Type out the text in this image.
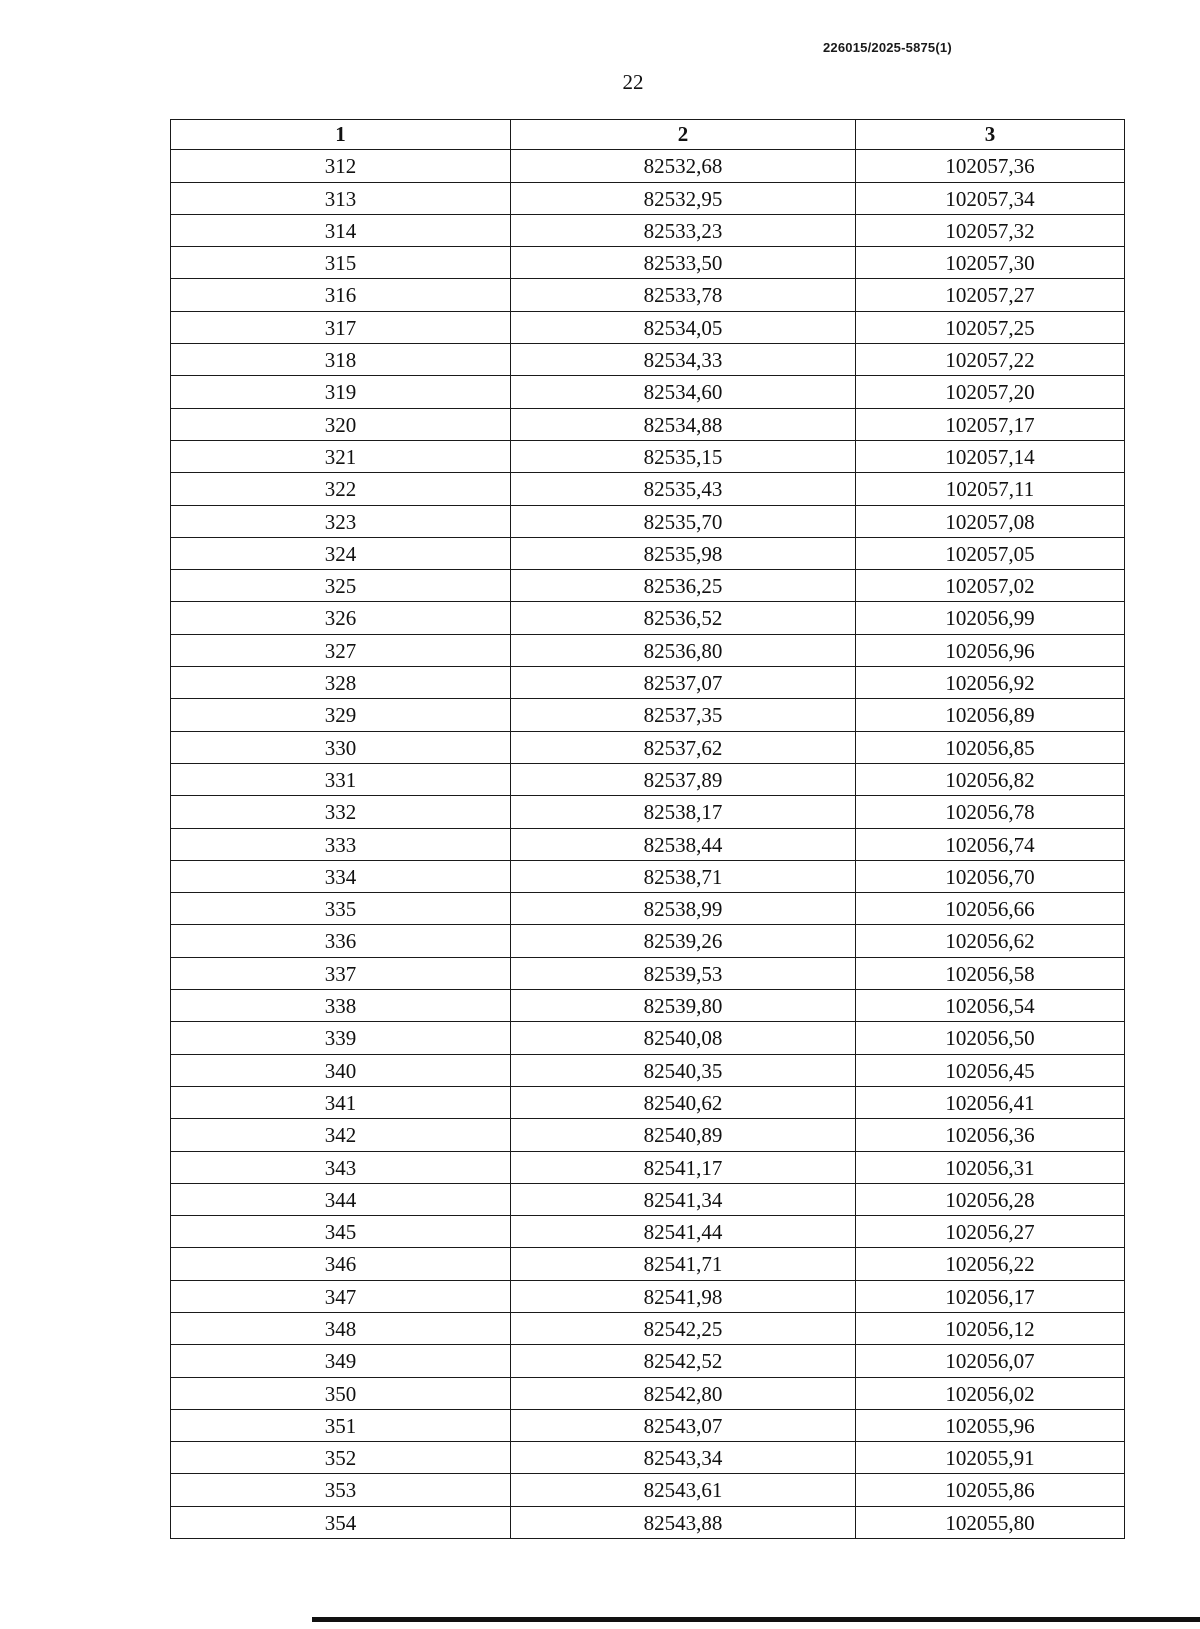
226015/2025-5875(1)
22
1	2	3
312	82532,68	102057,36
313	82532,95	102057,34
314	82533,23	102057,32
315	82533,50	102057,30
316	82533,78	102057,27
317	82534,05	102057,25
318	82534,33	102057,22
319	82534,60	102057,20
320	82534,88	102057,17
321	82535,15	102057,14
322	82535,43	102057,11
323	82535,70	102057,08
324	82535,98	102057,05
325	82536,25	102057,02
326	82536,52	102056,99
327	82536,80	102056,96
328	82537,07	102056,92
329	82537,35	102056,89
330	82537,62	102056,85
331	82537,89	102056,82
332	82538,17	102056,78
333	82538,44	102056,74
334	82538,71	102056,70
335	82538,99	102056,66
336	82539,26	102056,62
337	82539,53	102056,58
338	82539,80	102056,54
339	82540,08	102056,50
340	82540,35	102056,45
341	82540,62	102056,41
342	82540,89	102056,36
343	82541,17	102056,31
344	82541,34	102056,28
345	82541,44	102056,27
346	82541,71	102056,22
347	82541,98	102056,17
348	82542,25	102056,12
349	82542,52	102056,07
350	82542,80	102056,02
351	82543,07	102055,96
352	82543,34	102055,91
353	82543,61	102055,86
354	82543,88	102055,80
